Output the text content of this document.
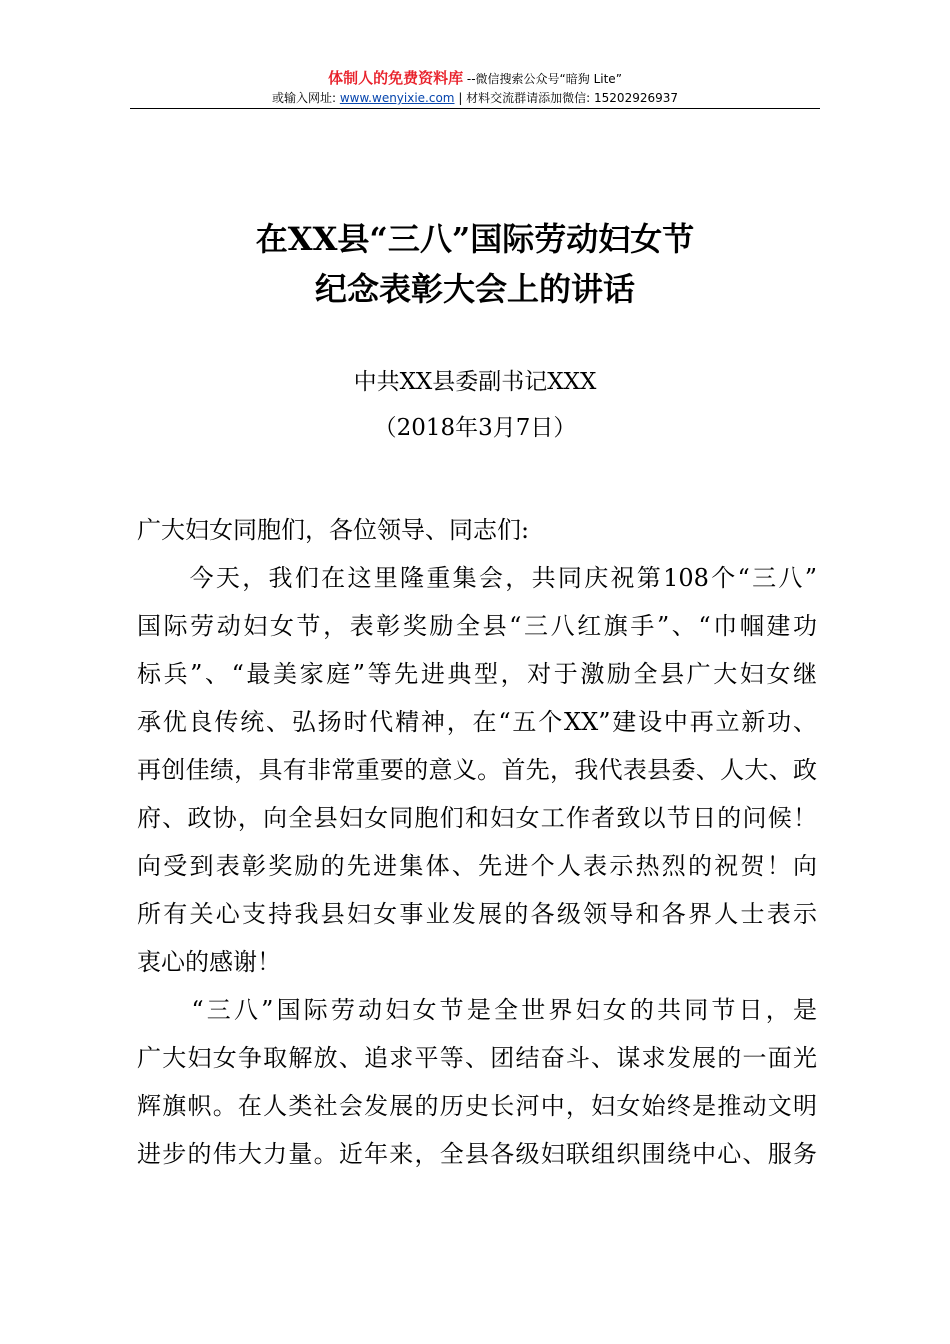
体制人的免费资料库 --微信搜索公众号“暗狗 Lite”
或输入网址: www.wenyixie.com | 材料交流群请添加微信: 15202926937
在XX县“三八”国际劳动妇女节
纪念表彰大会上的讲话
中共XX县委副书记XXX
（2018年3月7日）

广大妇女同胞们，各位领导、同志们:

　　今天，我们在这里隆重集会，共同庆祝第108个“三八”
国际劳动妇女节，表彰奖励全县“三八红旗手”、“巾帼建功
标兵”、“最美家庭”等先进典型，对于激励全县广大妇女继
承优良传统、弘扬时代精神，在“五个XX”建设中再立新功、
再创佳绩，具有非常重要的意义。首先，我代表县委、人大、政
府、政协，向全县妇女同胞们和妇女工作者致以节日的问候！
向受到表彰奖励的先进集体、先进个人表示热烈的祝贺！向
所有关心支持我县妇女事业发展的各级领导和各界人士表示
衷心的感谢！

　　“三八”国际劳动妇女节是全世界妇女的共同节日，是
广大妇女争取解放、追求平等、团结奋斗、谋求发展的一面光
辉旗帜。在人类社会发展的历史长河中，妇女始终是推动文明
进步的伟大力量。近年来，全县各级妇联组织围绕中心、服务
